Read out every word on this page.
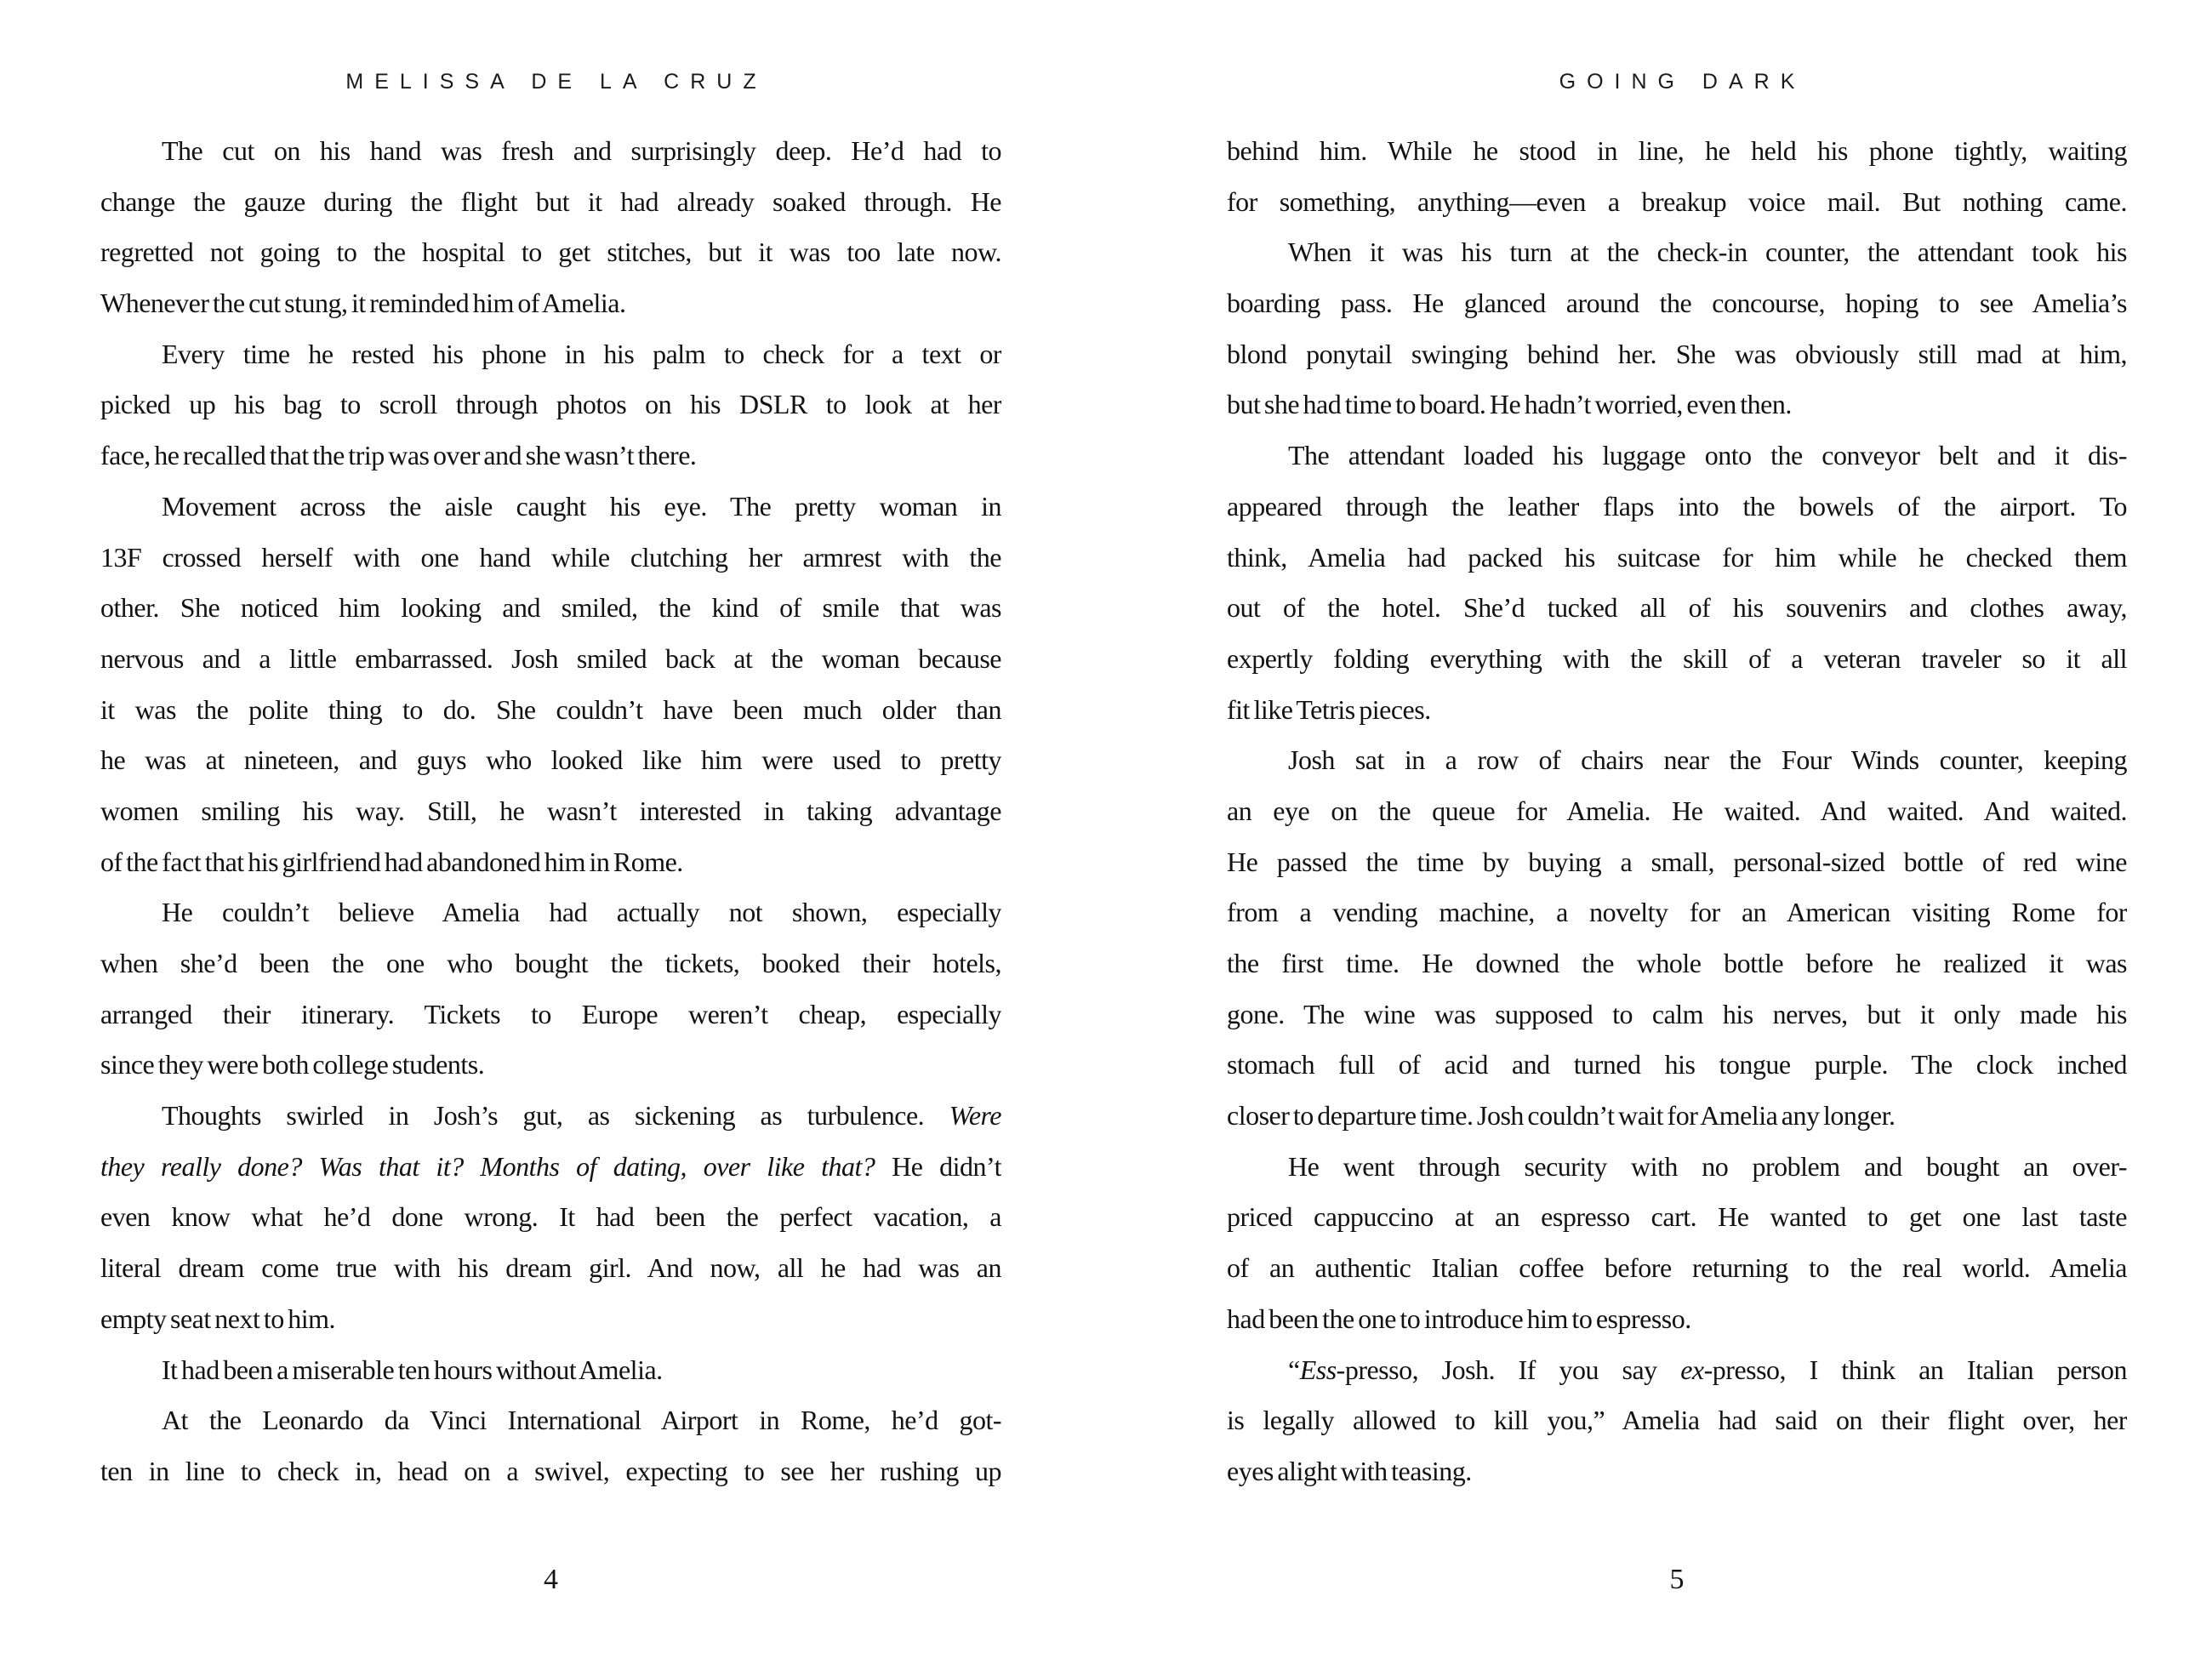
MELISSA DE LA CRUZ
The cut on his hand was fresh and surprisingly deep. He’d had to
change the gauze during the flight but it had already soaked through. He
regretted not going to the hospital to get stitches, but it was too late now.
Whenever the cut stung, it reminded him of Amelia.
Every time he rested his phone in his palm to check for a text or
picked up his bag to scroll through photos on his DSLR to look at her
face, he recalled that the trip was over and she wasn’t there.
Movement across the aisle caught his eye. The pretty woman in
13F crossed herself with one hand while clutching her armrest with the
other. She noticed him looking and smiled, the kind of smile that was
nervous and a little embarrassed. Josh smiled back at the woman because
it was the polite thing to do. She couldn’t have been much older than
he was at nineteen, and guys who looked like him were used to pretty
women smiling his way. Still, he wasn’t interested in taking advantage
of the fact that his girlfriend had abandoned him in Rome.
He couldn’t believe Amelia had actually not shown, especially
when she’d been the one who bought the tickets, booked their hotels,
arranged their itinerary. Tickets to Europe weren’t cheap, especially
since they were both college students.
Thoughts swirled in Josh’s gut, as sickening as turbulence. Were
they really done? Was that it? Months of dating, over like that? He didn’t
even know what he’d done wrong. It had been the perfect vacation, a
literal dream come true with his dream girl. And now, all he had was an
empty seat next to him.
It had been a miserable ten hours without Amelia.
At the Leonardo da Vinci International Airport in Rome, he’d got-
ten in line to check in, head on a swivel, expecting to see her rushing up
4
GOING DARK
behind him. While he stood in line, he held his phone tightly, waiting
for something, anything—even a breakup voice mail. But nothing came.
When it was his turn at the check-in counter, the attendant took his
boarding pass. He glanced around the concourse, hoping to see Amelia’s
blond ponytail swinging behind her. She was obviously still mad at him,
but she had time to board. He hadn’t worried, even then.
The attendant loaded his luggage onto the conveyor belt and it dis-
appeared through the leather flaps into the bowels of the airport. To
think, Amelia had packed his suitcase for him while he checked them
out of the hotel. She’d tucked all of his souvenirs and clothes away,
expertly folding everything with the skill of a veteran traveler so it all
fit like Tetris pieces.
Josh sat in a row of chairs near the Four Winds counter, keeping
an eye on the queue for Amelia. He waited. And waited. And waited.
He passed the time by buying a small, personal-sized bottle of red wine
from a vending machine, a novelty for an American visiting Rome for
the first time. He downed the whole bottle before he realized it was
gone. The wine was supposed to calm his nerves, but it only made his
stomach full of acid and turned his tongue purple. The clock inched
closer to departure time. Josh couldn’t wait for Amelia any longer.
He went through security with no problem and bought an over-
priced cappuccino at an espresso cart. He wanted to get one last taste
of an authentic Italian coffee before returning to the real world. Amelia
had been the one to introduce him to espresso.
“Ess-presso, Josh. If you say ex-presso, I think an Italian person
is legally allowed to kill you,” Amelia had said on their flight over, her
eyes alight with teasing.
5
